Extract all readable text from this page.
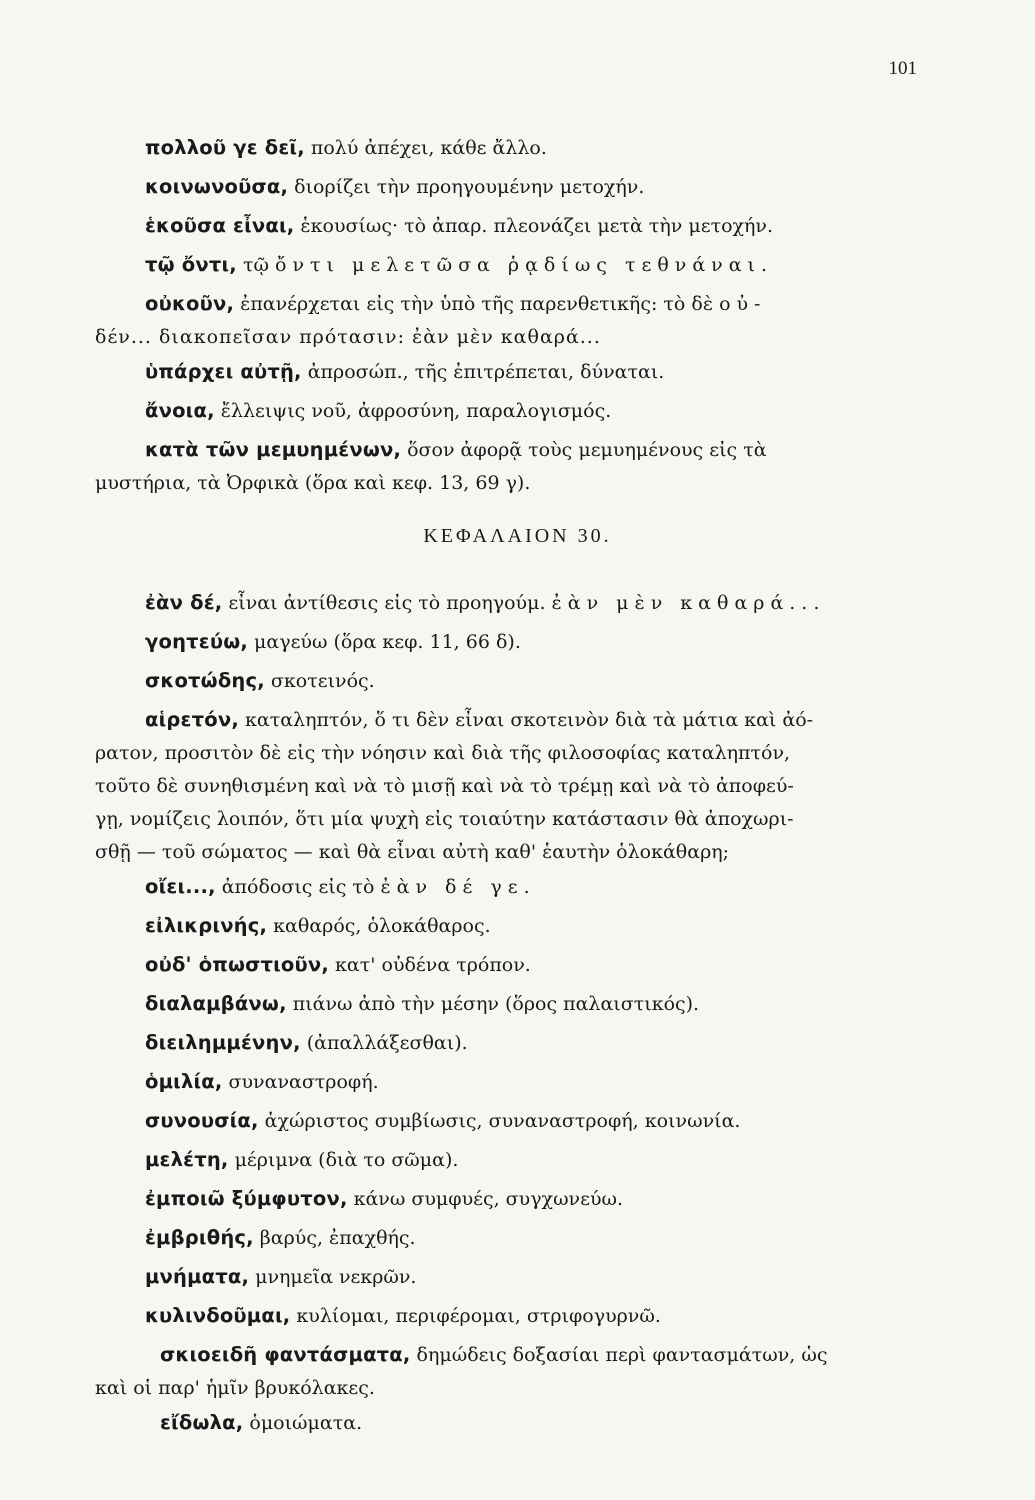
101

πολλοῦ γε δεῖ, πολύ ἀπέχει, κάθε ἄλλο.

κοινωνοῦσα, διορίζει τὴν προηγουμένην μετοχήν.

ἑκοῦσα εἶναι, ἑκουσίως· τὸ ἀπαρ. πλεονάζει μετὰ τὴν μετοχήν.

τῷ ὄντι, τῷ ὄντι μελετῶσα ῥᾳδίως τεθνάναι.

οὐκοῦν, ἐπανέρχεται εἰς τὴν ὑπὸ τῆς παρενθετικῆς: τὸ δὲ οὐ-
δέν... διακοπεῖσαν πρότασιν: ἐὰν μὲν καθαρά...

ὑπάρχει αὐτῇ, ἀπροσώπ., τῆς ἐπιτρέπεται, δύναται.

ἄνοια, ἔλλειψις νοῦ, ἀφροσύνη, παραλογισμός.

κατὰ τῶν μεμυημένων, ὅσον ἀφορᾷ τοὺς μεμυημένους εἰς τὰ
μυστήρια, τὰ Ὀρφικὰ (ὅρα καὶ κεφ. 13, 69 γ).

ΚΕΦΑΛΑΙΟΝ 30.

ἐὰν δέ, εἶναι ἀντίθεσις εἰς τὸ προηγούμ. ἐὰν μὲν καθαρά...

γοητεύω, μαγεύω (ὅρα κεφ. 11, 66 δ).

σκοτώδης, σκοτεινός.

αἱρετόν, καταληπτόν, ὅ τι δὲν εἶναι σκοτεινὸν διὰ τὰ μάτια καὶ ἀό-
ρατον, προσιτὸν δὲ εἰς τὴν νόησιν καὶ διὰ τῆς φιλοσοφίας καταληπτόν,
τοῦτο δὲ συνηθισμένη καὶ νὰ τὸ μισῇ καὶ νὰ τὸ τρέμῃ καὶ νὰ τὸ ἀποφεύ-
γῃ, νομίζεις λοιπόν, ὅτι μία ψυχὴ εἰς τοιαύτην κατάστασιν θὰ ἀποχωρι-
σθῇ — τοῦ σώματος — καὶ θὰ εἶναι αὐτὴ καθ' ἑαυτὴν ὁλοκάθαρη;

οἴει..., ἀπόδοσις εἰς τὸ ἐὰν δέ γε.

εἰλικρινής, καθαρός, ὁλοκάθαρος.

οὐδ' ὁπωστιοῦν, κατ' οὐδένα τρόπον.

διαλαμβάνω, πιάνω ἀπὸ τὴν μέσην (ὅρος παλαιστικός).

διειλημμένην, (ἀπαλλάξεσθαι).

ὁμιλία, συναναστροφή.

συνουσία, ἀχώριστος συμβίωσις, συναναστροφή, κοινωνία.

μελέτη, μέριμνα (διὰ το σῶμα).

ἐμποιῶ ξύμφυτον, κάνω συμφυές, συγχωνεύω.

ἐμβριθής, βαρύς, ἐπαχθής.

μνήματα, μνημεῖα νεκρῶν.

κυλινδοῦμαι, κυλίομαι, περιφέρομαι, στριφογυρνῶ.

σκιοειδῆ φαντάσματα, δημώδεις δοξασίαι περὶ φαντασμάτων, ὡς
καὶ οἱ παρ' ἡμῖν βρυκόλακες.

εἴδωλα, ὁμοιώματα.
